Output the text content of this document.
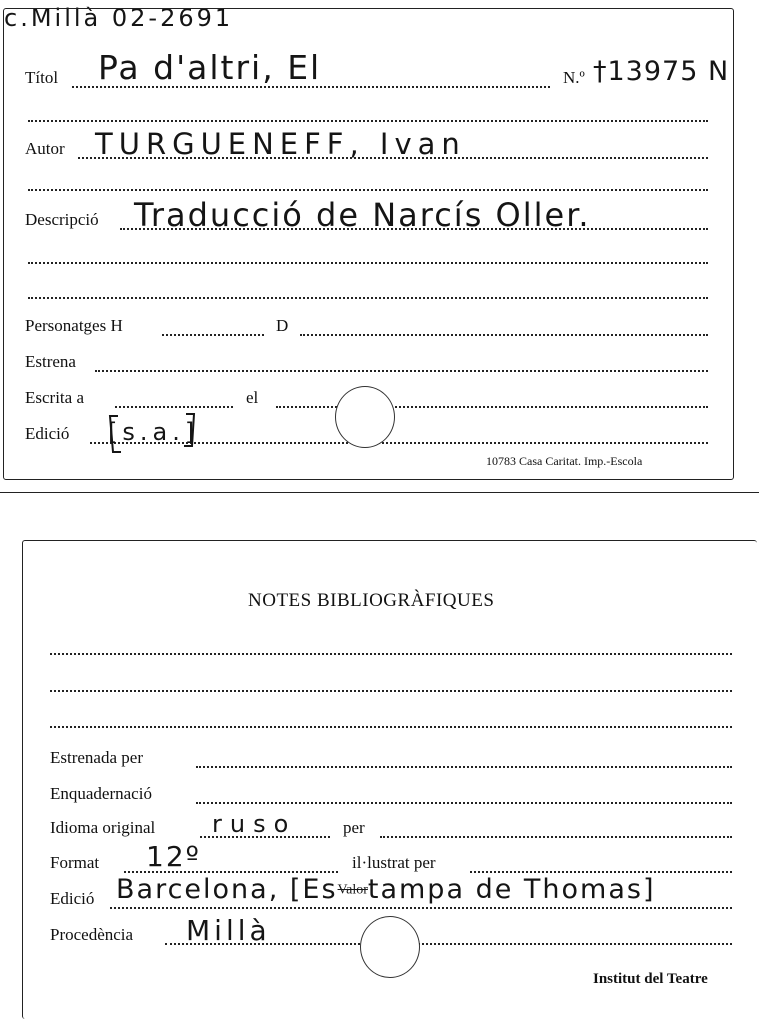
c.Millà 02-2691
Títol Pa d'altri, El	N.º †13975 N
Autor TURGUENEFF, Ivan
Descripció Traducció de Narcís Oller.
Personatges H	D
Estrena
Escrita a	el
Edició [s.a.]
10783 Casa Caritat. Imp.-Escola
NOTES BIBLIOGRÀFIQUES
Estrenada per
Enquadernació
Idioma original ruso	per
Format 12º	il·lustrat per
Edició Barcelona, [EsValortampa de Thomas]
Procedència Millà
Institut del Teatre
